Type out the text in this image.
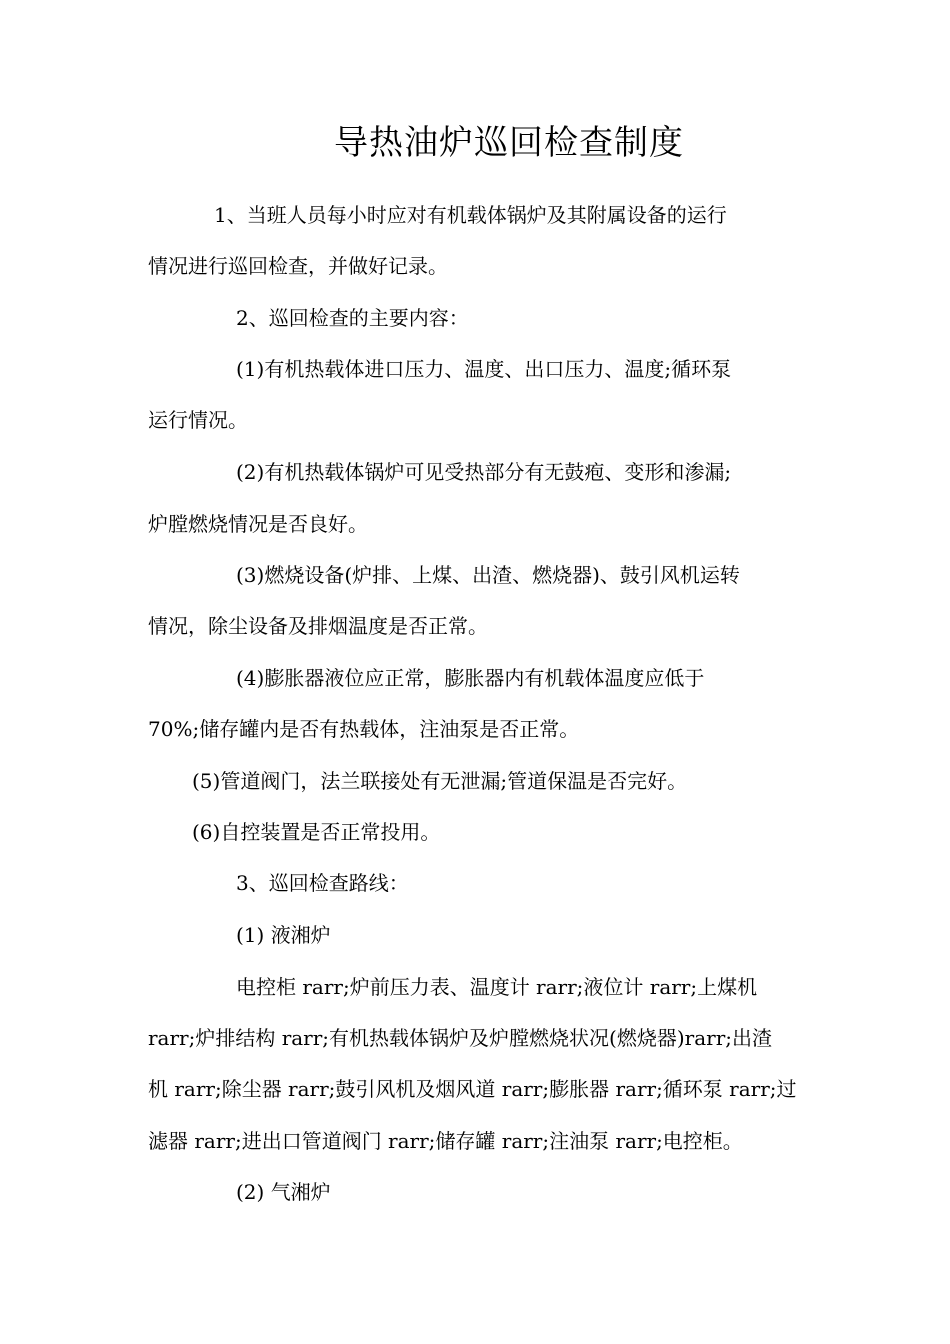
导热油炉巡回检查制度

1、当班人员每小时应对有机载体锅炉及其附属设备的运行

情况进行巡回检查，并做好记录。

2、巡回检查的主要内容：

(1)有机热载体进口压力、温度、出口压力、温度;循环泵

运行情况。

(2)有机热载体锅炉可见受热部分有无鼓疱、变形和渗漏;

炉膛燃烧情况是否良好。

(3)燃烧设备(炉排、上煤、出渣、燃烧器)、鼓引风机运转

情况，除尘设备及排烟温度是否正常。

(4)膨胀器液位应正常，膨胀器内有机载体温度应低于

70%;储存罐内是否有热载体，注油泵是否正常。

(5)管道阀门，法兰联接处有无泄漏;管道保温是否完好。

(6)自控装置是否正常投用。

3、巡回检查路线：

(1) 液湘炉

电控柜 rarr;炉前压力表、温度计 rarr;液位计 rarr;上煤机

rarr;炉排结构 rarr;有机热载体锅炉及炉膛燃烧状况(燃烧器)rarr;出渣

机 rarr;除尘器 rarr;鼓引风机及烟风道 rarr;膨胀器 rarr;循环泵 rarr;过

滤器 rarr;进出口管道阀门 rarr;储存罐 rarr;注油泵 rarr;电控柜。

(2) 气湘炉
